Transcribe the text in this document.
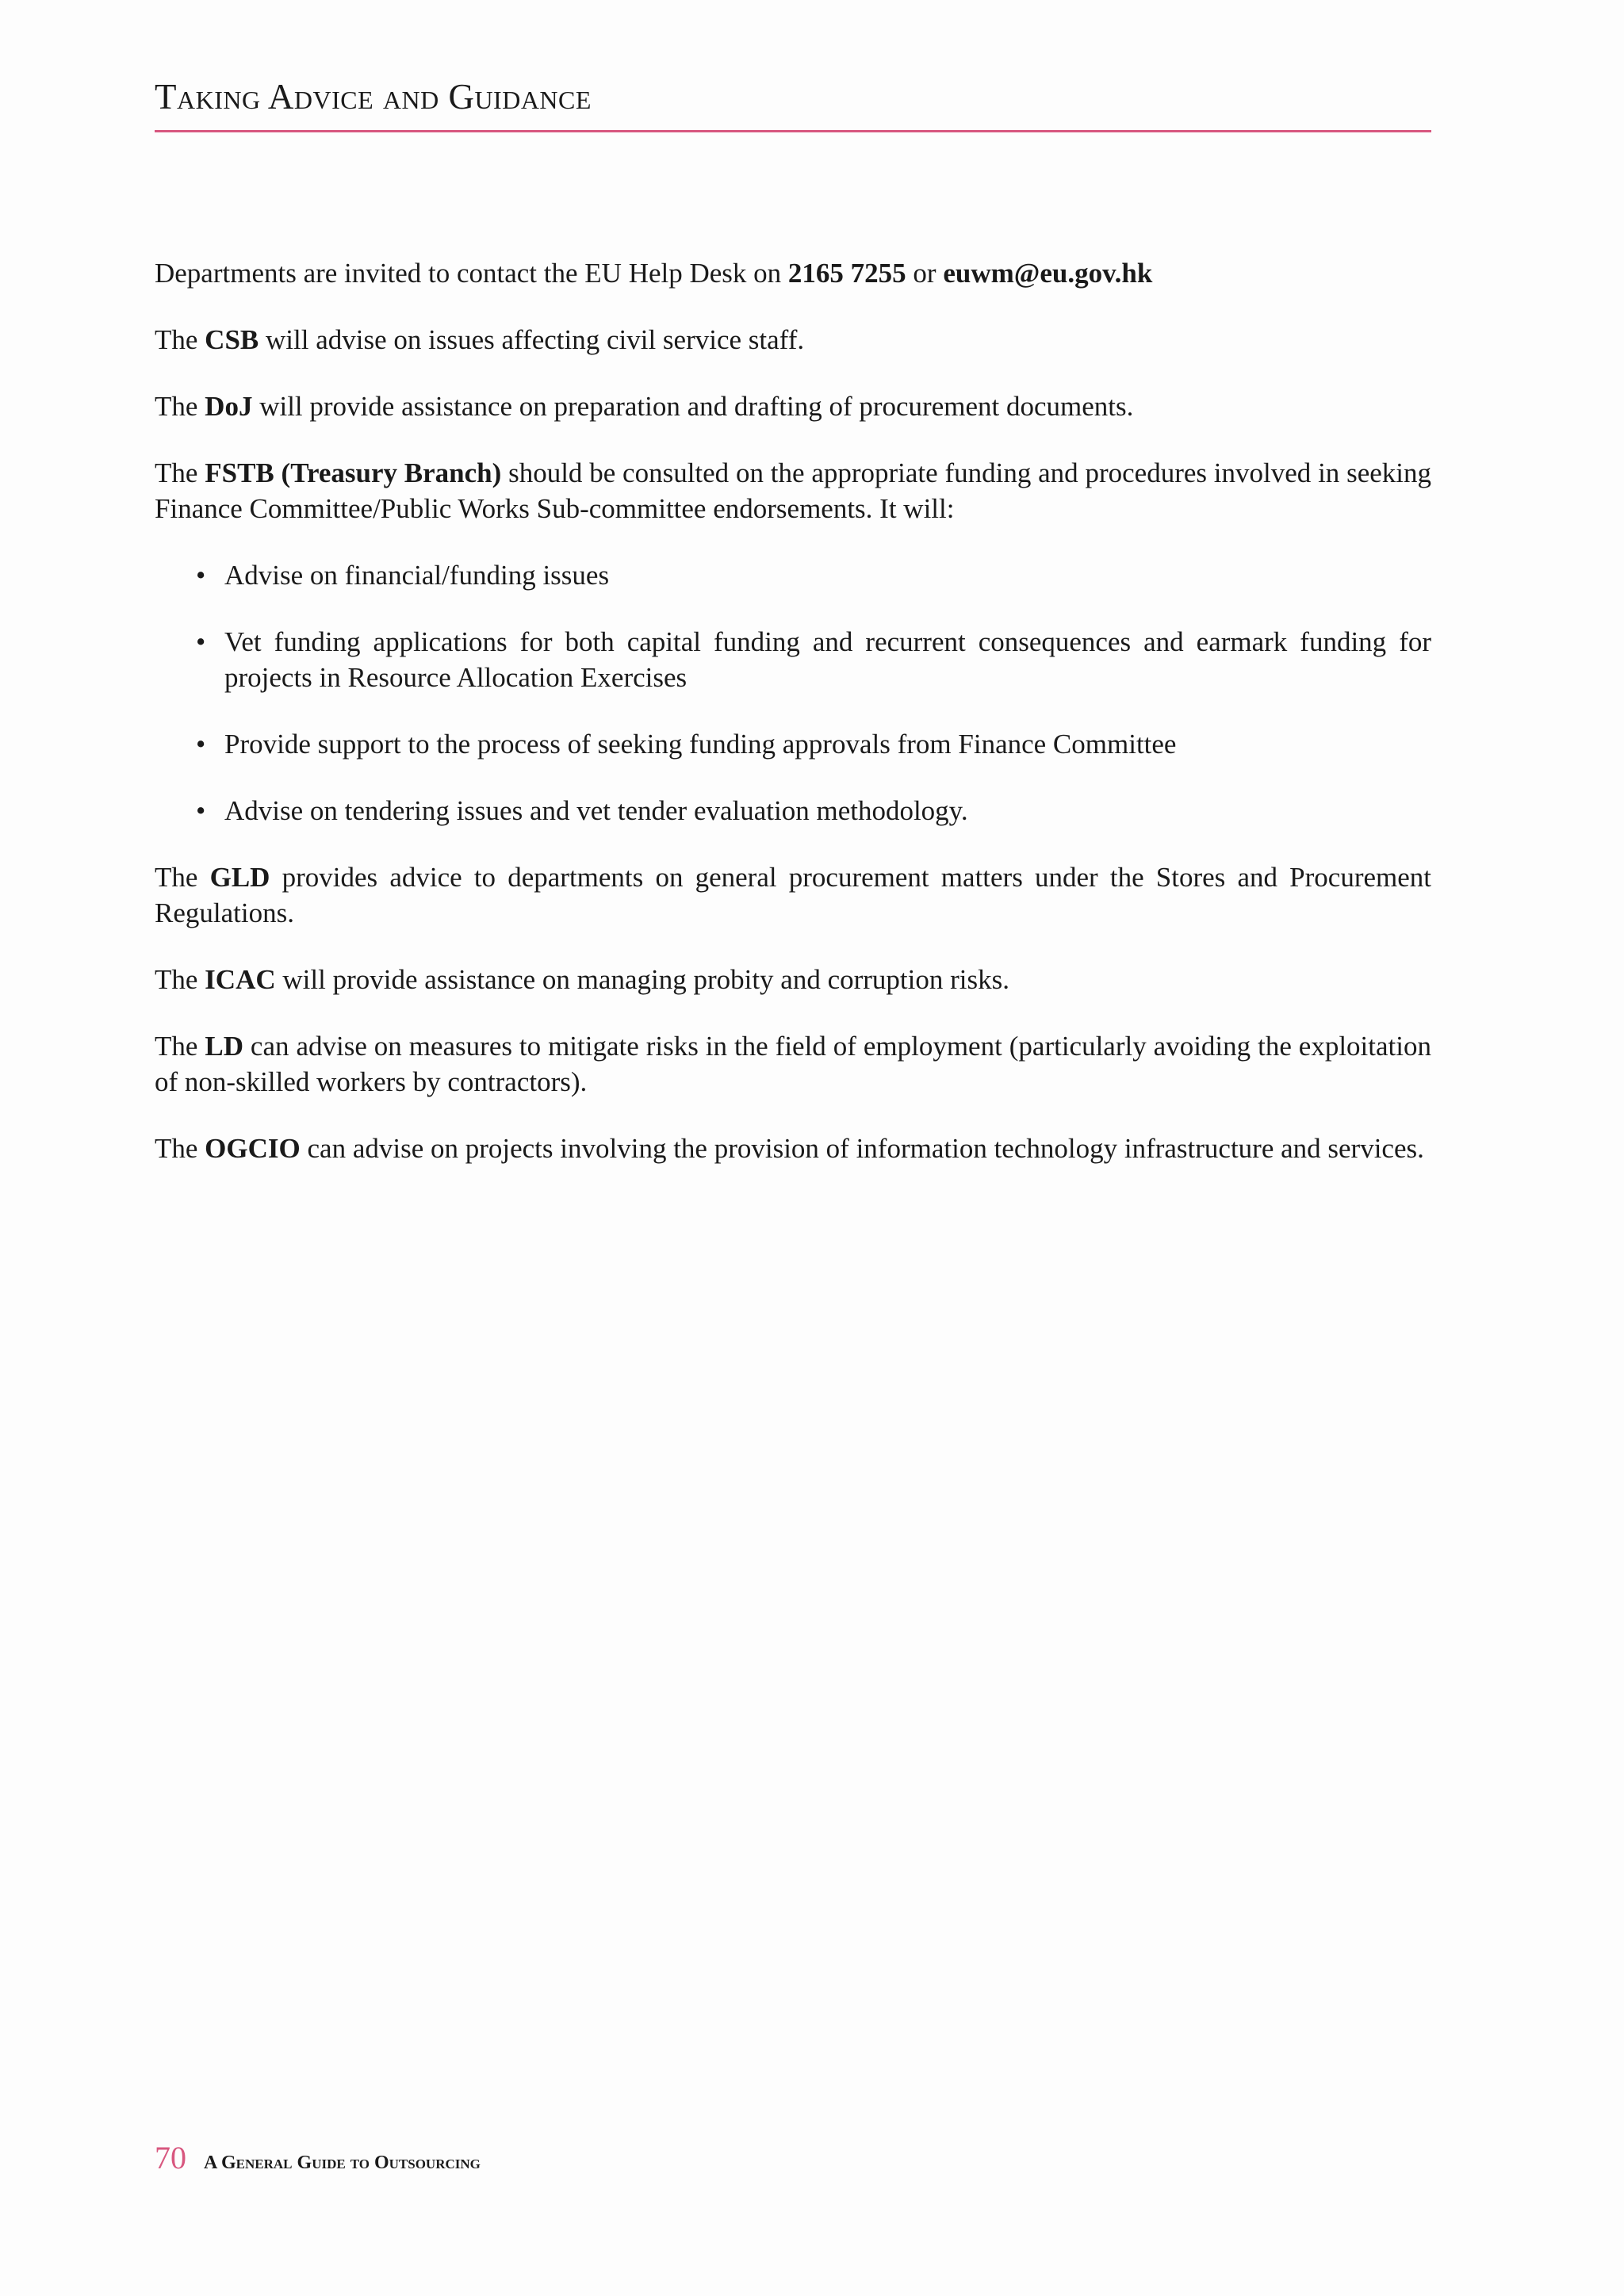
Taking Advice and Guidance

Departments are invited to contact the EU Help Desk on 2165 7255 or euwm@eu.gov.hk

The CSB will advise on issues affecting civil service staff.

The DoJ will provide assistance on preparation and drafting of procurement documents.

The FSTB (Treasury Branch) should be consulted on the appropriate funding and procedures involved in seeking Finance Committee/Public Works Sub-committee endorsements. It will:

• Advise on financial/funding issues
• Vet funding applications for both capital funding and recurrent consequences and earmark funding for projects in Resource Allocation Exercises
• Provide support to the process of seeking funding approvals from Finance Committee
• Advise on tendering issues and vet tender evaluation methodology.

The GLD provides advice to departments on general procurement matters under the Stores and Procurement Regulations.

The ICAC will provide assistance on managing probity and corruption risks.

The LD can advise on measures to mitigate risks in the field of employment (particularly avoiding the exploitation of non-skilled workers by contractors).

The OGCIO can advise on projects involving the provision of information technology infrastructure and services.

70 A General Guide to Outsourcing
